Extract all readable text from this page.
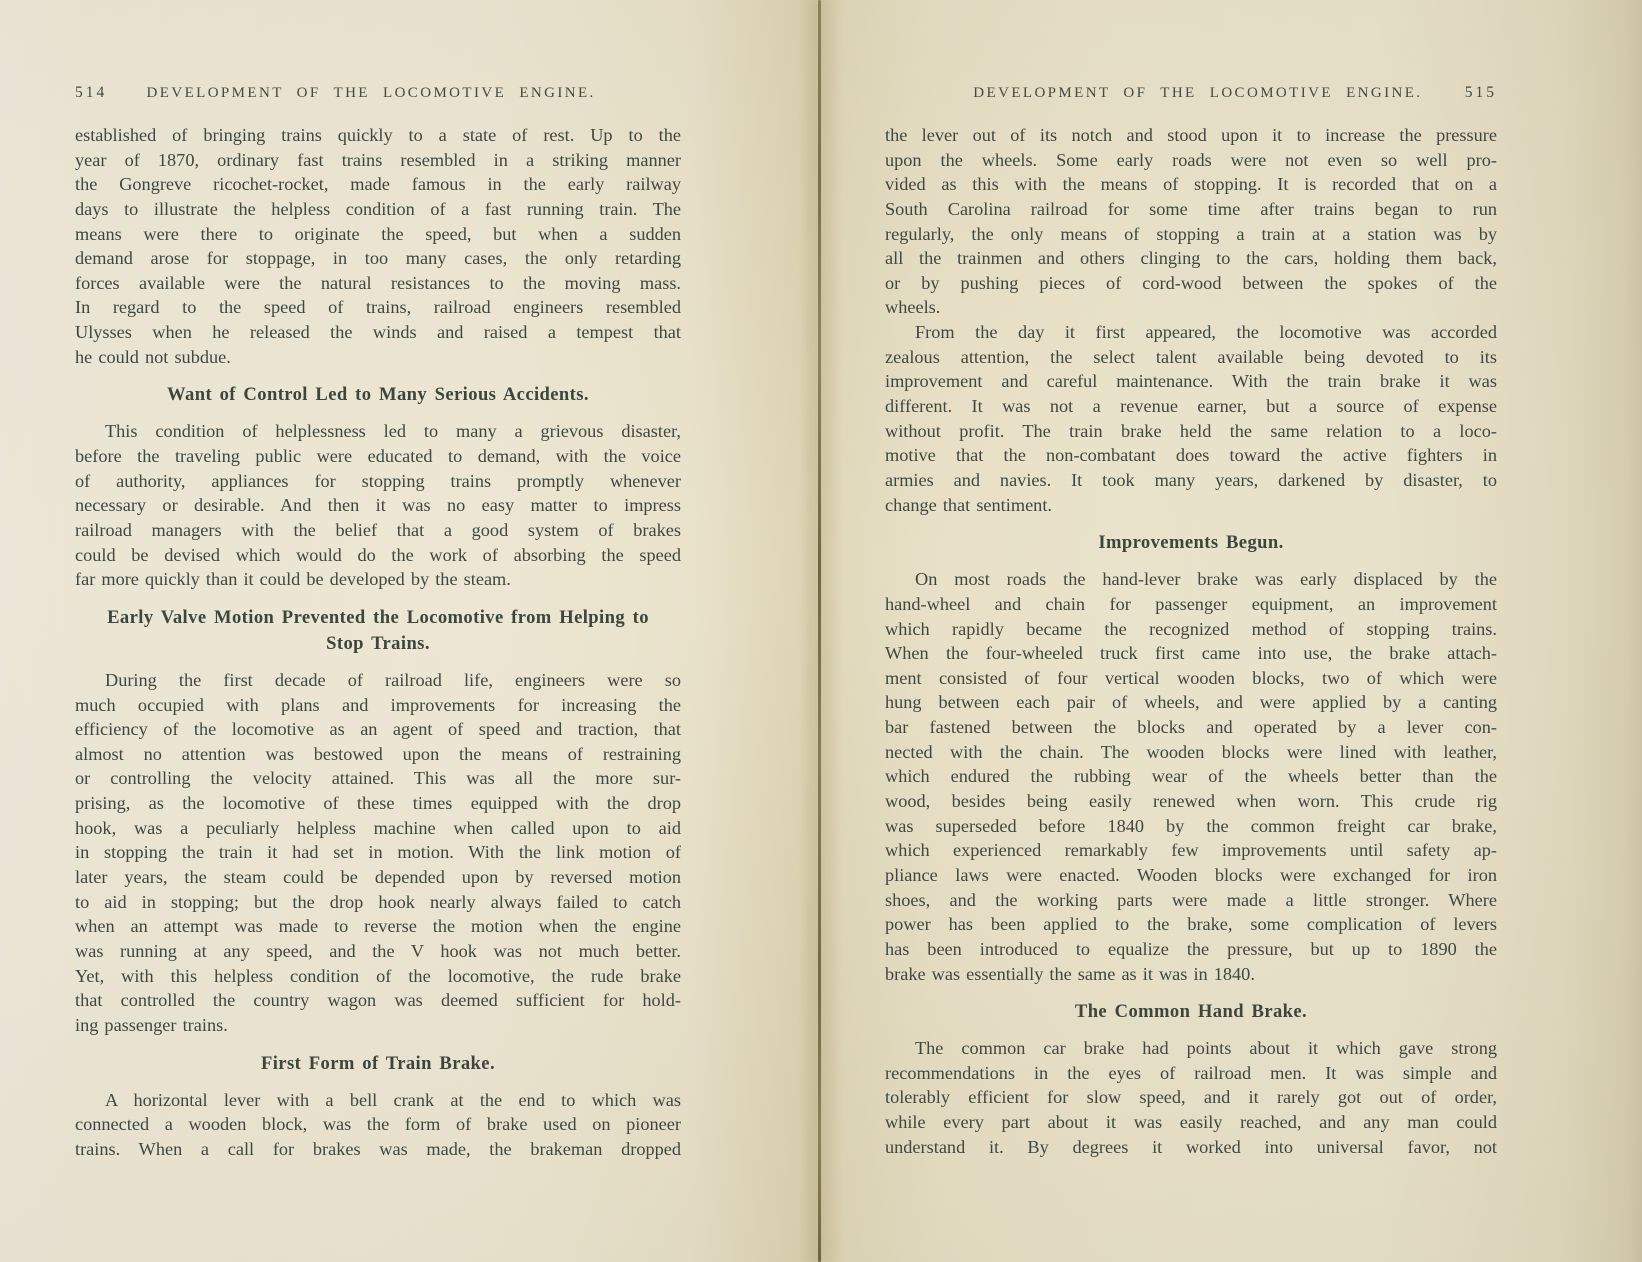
514	DEVELOPMENT OF THE LOCOMOTIVE ENGINE.
established of bringing trains quickly to a state of rest. Up to the
year of 1870, ordinary fast trains resembled in a striking manner
the Gongreve ricochet-rocket, made famous in the early railway
days to illustrate the helpless condition of a fast running train. The
means were there to originate the speed, but when a sudden
demand arose for stoppage, in too many cases, the only retarding
forces available were the natural resistances to the moving mass.
In regard to the speed of trains, railroad engineers resembled
Ulysses when he released the winds and raised a tempest that
he could not subdue.
Want of Control Led to Many Serious Accidents.
This condition of helplessness led to many a grievous disaster,
before the traveling public were educated to demand, with the voice
of authority, appliances for stopping trains promptly whenever
necessary or desirable. And then it was no easy matter to impress
railroad managers with the belief that a good system of brakes
could be devised which would do the work of absorbing the speed
far more quickly than it could be developed by the steam.
Early Valve Motion Prevented the Locomotive from Helping to
Stop Trains.
During the first decade of railroad life, engineers were so
much occupied with plans and improvements for increasing the
efficiency of the locomotive as an agent of speed and traction, that
almost no attention was bestowed upon the means of restraining
or controlling the velocity attained. This was all the more sur-
prising, as the locomotive of these times equipped with the drop
hook, was a peculiarly helpless machine when called upon to aid
in stopping the train it had set in motion. With the link motion of
later years, the steam could be depended upon by reversed motion
to aid in stopping; but the drop hook nearly always failed to catch
when an attempt was made to reverse the motion when the engine
was running at any speed, and the V hook was not much better.
Yet, with this helpless condition of the locomotive, the rude brake
that controlled the country wagon was deemed sufficient for hold-
ing passenger trains.
First Form of Train Brake.
A horizontal lever with a bell crank at the end to which was
connected a wooden block, was the form of brake used on pioneer
trains. When a call for brakes was made, the brakeman dropped
DEVELOPMENT OF THE LOCOMOTIVE ENGINE.	515
the lever out of its notch and stood upon it to increase the pressure
upon the wheels. Some early roads were not even so well pro-
vided as this with the means of stopping. It is recorded that on a
South Carolina railroad for some time after trains began to run
regularly, the only means of stopping a train at a station was by
all the trainmen and others clinging to the cars, holding them back,
or by pushing pieces of cord-wood between the spokes of the
wheels.
From the day it first appeared, the locomotive was accorded
zealous attention, the select talent available being devoted to its
improvement and careful maintenance. With the train brake it was
different. It was not a revenue earner, but a source of expense
without profit. The train brake held the same relation to a loco-
motive that the non-combatant does toward the active fighters in
armies and navies. It took many years, darkened by disaster, to
change that sentiment.
Improvements Begun.
On most roads the hand-lever brake was early displaced by the
hand-wheel and chain for passenger equipment, an improvement
which rapidly became the recognized method of stopping trains.
When the four-wheeled truck first came into use, the brake attach-
ment consisted of four vertical wooden blocks, two of which were
hung between each pair of wheels, and were applied by a canting
bar fastened between the blocks and operated by a lever con-
nected with the chain. The wooden blocks were lined with leather,
which endured the rubbing wear of the wheels better than the
wood, besides being easily renewed when worn. This crude rig
was superseded before 1840 by the common freight car brake,
which experienced remarkably few improvements until safety ap-
pliance laws were enacted. Wooden blocks were exchanged for iron
shoes, and the working parts were made a little stronger. Where
power has been applied to the brake, some complication of levers
has been introduced to equalize the pressure, but up to 1890 the
brake was essentially the same as it was in 1840.
The Common Hand Brake.
The common car brake had points about it which gave strong
recommendations in the eyes of railroad men. It was simple and
tolerably efficient for slow speed, and it rarely got out of order,
while every part about it was easily reached, and any man could
understand it. By degrees it worked into universal favor, not
